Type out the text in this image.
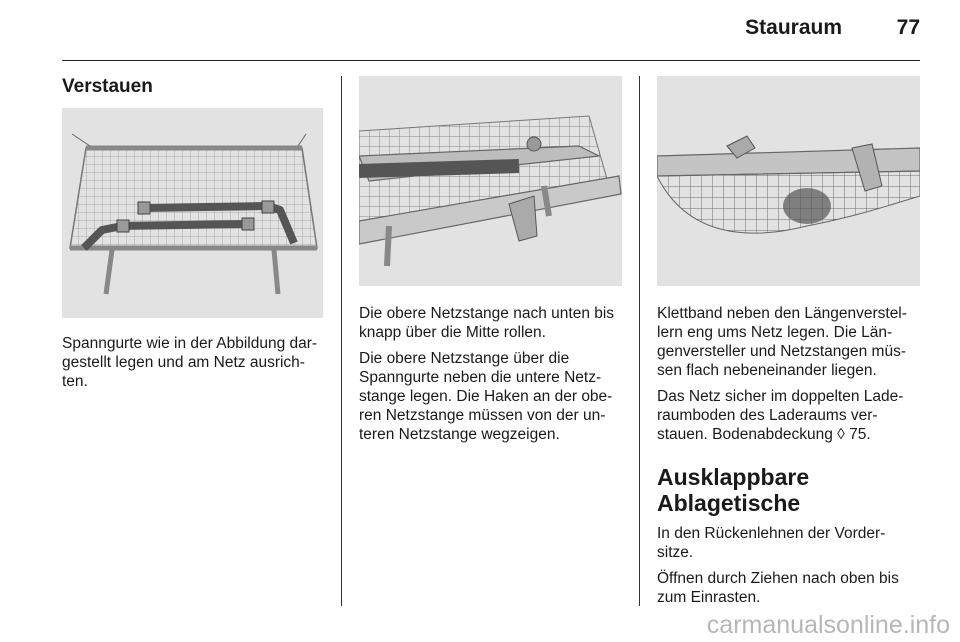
Stauraum	77
Verstauen

Spanngurte wie in der Abbildung dar-
gestellt legen und am Netz ausrich-
ten.

Die obere Netzstange nach unten bis
knapp über die Mitte rollen.

Die obere Netzstange über die
Spanngurte neben die untere Netz-
stange legen. Die Haken an der obe-
ren Netzstange müssen von der un-
teren Netzstange wegzeigen.

Klettband neben den Längenverstel-
lern eng ums Netz legen. Die Län-
genversteller und Netzstangen müs-
sen flach nebeneinander liegen.

Das Netz sicher im doppelten Lade-
raumboden des Laderaums ver-
stauen. Bodenabdeckung ◊ 75.

Ausklappbare
Ablagetische

In den Rückenlehnen der Vorder-
sitze.

Öffnen durch Ziehen nach oben bis
zum Einrasten.

carmanualsonline.info
